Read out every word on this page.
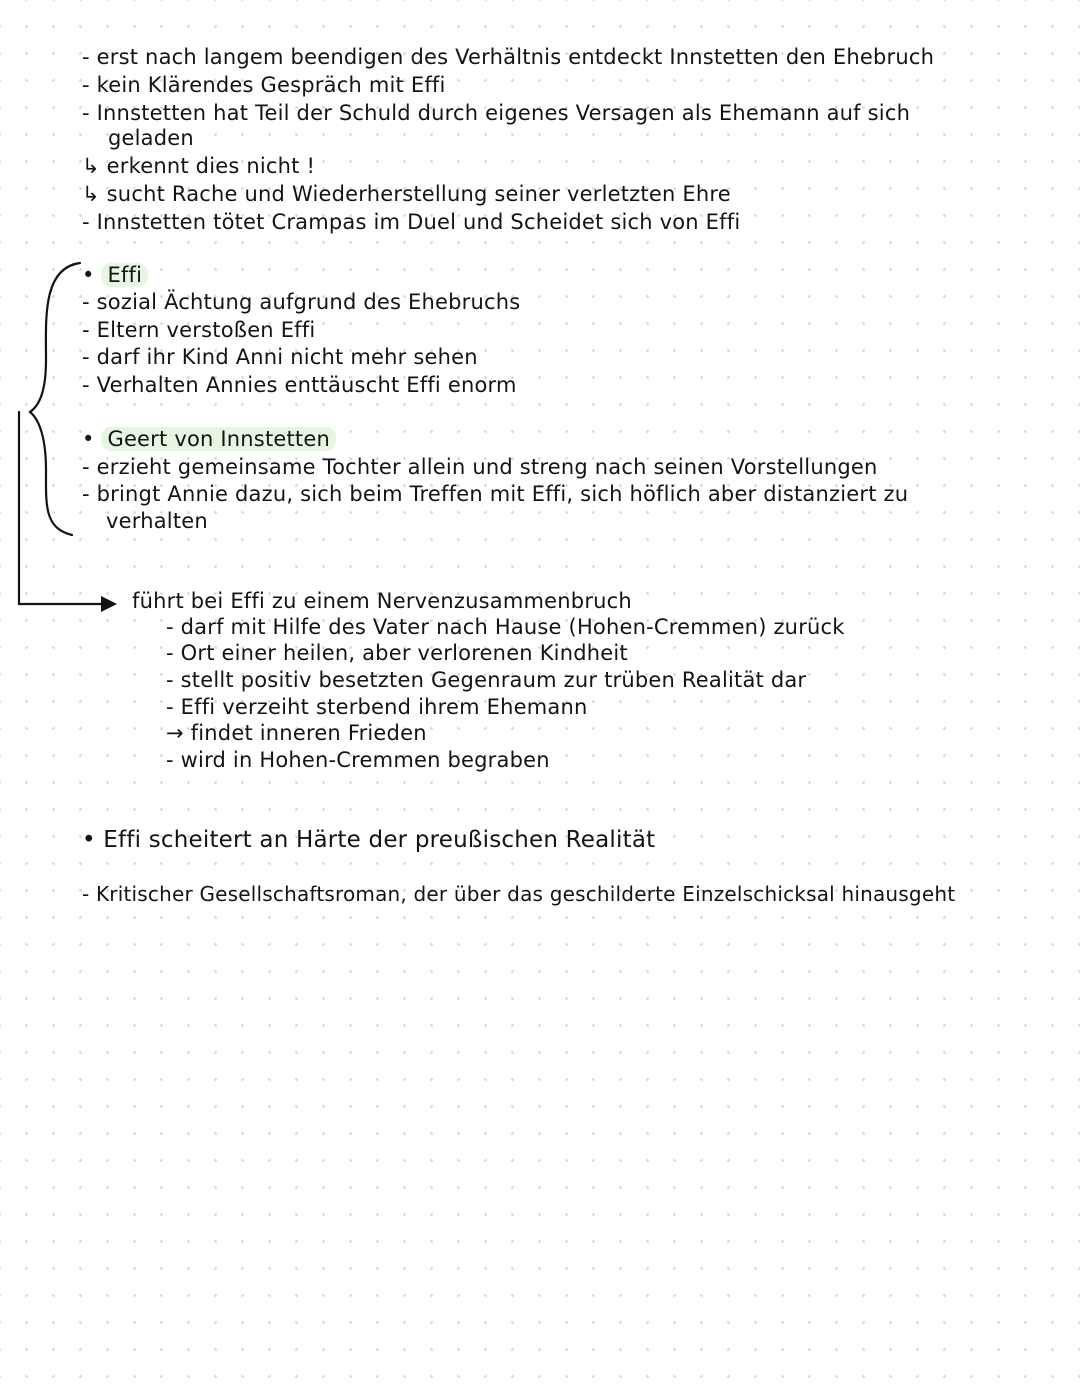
- erst nach langem beendigen des Verhältnis entdeckt Innstetten den Ehebruch
- kein Klärendes Gespräch mit Effi
- Innstetten hat Teil der Schuld durch eigenes Versagen als Ehemann auf sich
geladen
↳ erkennt dies nicht !
↳ sucht Rache und Wiederherstellung seiner verletzten Ehre
- Innstetten tötet Crampas im Duel und Scheidet sich von Effi
• Effi
- sozial Ächtung aufgrund des Ehebruchs
- Eltern verstoßen Effi
- darf ihr Kind Anni nicht mehr sehen
- Verhalten Annies enttäuscht Effi enorm
• Geert von Innstetten
- erzieht gemeinsame Tochter allein und streng nach seinen Vorstellungen
- bringt Annie dazu, sich beim Treffen mit Effi, sich höflich aber distanziert zu
verhalten
führt bei Effi zu einem Nervenzusammenbruch
- darf mit Hilfe des Vater nach Hause (Hohen-Cremmen) zurück
- Ort einer heilen, aber verlorenen Kindheit
- stellt positiv besetzten Gegenraum zur trüben Realität dar
- Effi verzeiht sterbend ihrem Ehemann
→ findet inneren Frieden
- wird in Hohen-Cremmen begraben
• Effi scheitert an Härte der preußischen Realität
- Kritischer Gesellschaftsroman, der über das geschilderte Einzelschicksal hinausgeht
